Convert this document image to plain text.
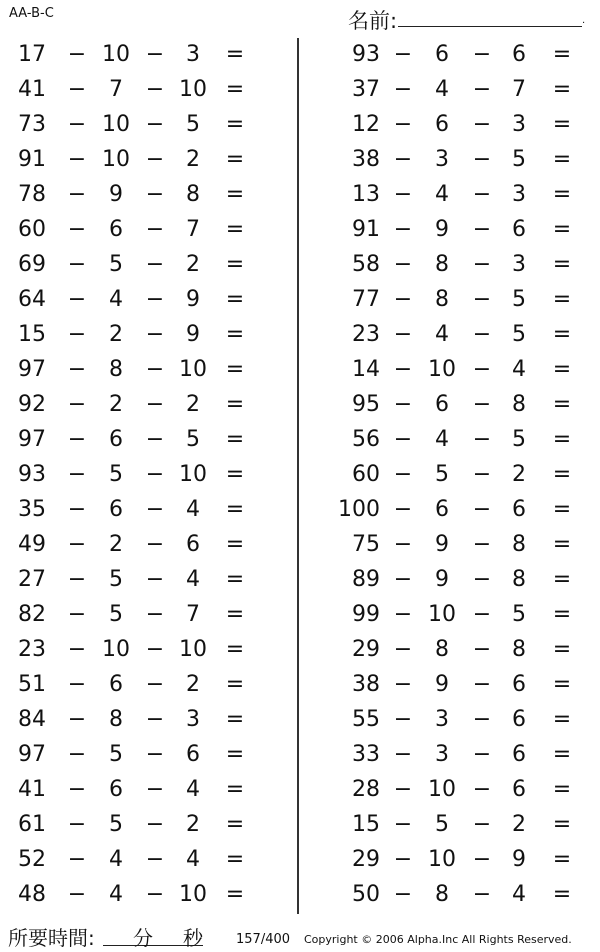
AA-B-C	名前:	.
17 − 10 − 3	=
41 −	7	− 10 =
73 − 10 − 5	=
91 − 10 − 2	=
78 −	9	− 8	=
60 −	6	− 7	=
69 −	5	− 2	=
64 −	4	− 9	=
15 −	2	− 9	=
97 −	8	− 10 =
92 −	2	− 2	=
97 −	6	− 5	=
93 −	5	− 10 =
35 −	6	− 4	=
49 −	2	− 6	=
27 −	5	− 4	=
82 −	5	− 7	=
23 − 10 − 10 =
51 −	6	− 2	=
84 −	8	− 3	=
97 −	5	− 6	=
41 −	6	− 4	=
61 −	5	− 2	=
52 −	4	− 4	=
48 −	4	− 10 =
93 −	6	− 6	=
37 −	4	− 7	=
12 −	6	− 3	=
38 −	3	− 5	=
13 −	4	− 3	=
91 −	9	− 6	=
58 −	8	− 3	=
77 −	8	− 5	=
23 −	4	− 5	=
14 − 10 − 4	=
95 −	6	− 8	=
56 −	4	− 5	=
60 −	5	− 2	=
100 −	6	− 6	=
75 −	9	− 8	=
89 −	9	− 8	=
99 − 10 − 5	=
29 −	8	− 8	=
38 −	9	− 6	=
55 −	3	− 6	=
33 −	3	− 6	=
28 − 10 − 6	=
15 −	5	− 2	=
29 − 10 − 9	=
50 −	8	− 4	=
所要時間: 分 秒	157/400 Copyright © 2006 Alpha.Inc All Rights Reserved.
